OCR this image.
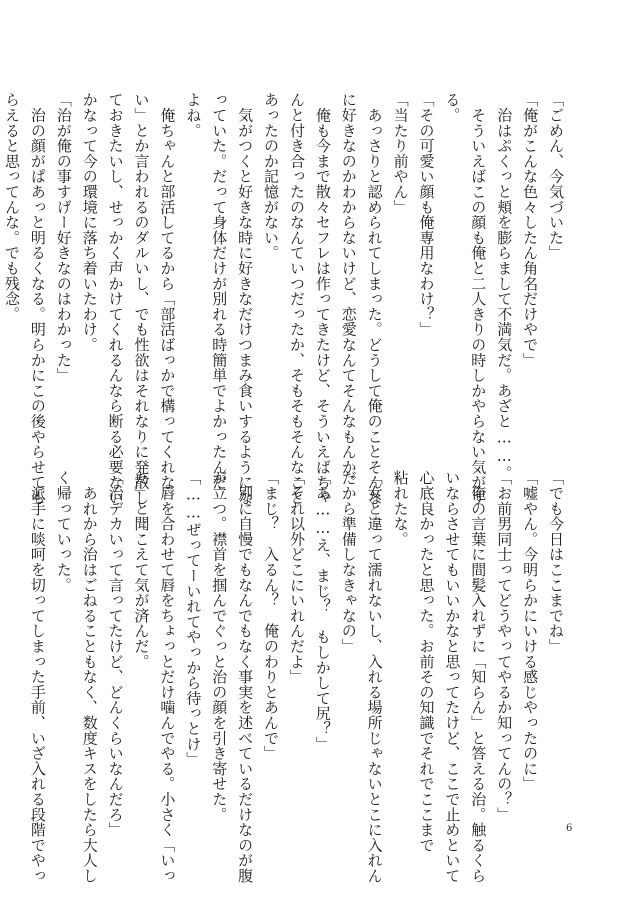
「ごめん、今気づいた」

「俺がこんな色々したん角名だけやで」

　治はぷくっと頬を膨らまして不満気だ。あざと……。

　そういえばこの顔も俺と二人きりの時しかやらない気がす

る。

「その可愛い顔も俺専用なわけ？」

「当たり前やん」

　あっさりと認められてしまった。どうして俺のことそんな

に好きなのかわからないけど、恋愛なんてそんなもんか。

　俺も今まで散々セフレは作ってきたけど、そういえばちゃ

んと付き合ったのなんていつだったか、そもそもそんなこと

あったのか記憶がない。

　気がつくと好きな時に好きなだけつまみ食いするようにな

っていた。だって身体だけが別れる時簡単でよかったんだ

よね。

　俺ちゃんと部活してるから「部活ばっかで構ってくれな

い」とか言われるのダルいし、でも性欲はそれなりに発散し

ておきたいし、せっかく声かけてくれるんなら断る必要ない

かなって今の環境に落ち着いたわけ。

「治が俺の事すげー好きなのはわかった」

　治の顔がぱあっと明るくなる。明らかにこの後やらせても

らえると思ってんな。でも残念。

「でも今日はここまでね」

「嘘やん。今明らかにいける感じやったのに」

「お前男同士ってどうやってやるか知ってんの？」

　俺の言葉に間髪入れずに「知らん」と答える治。触るくら

いならさせてもいいかなと思ってたけど、ここで止めといて

心底良かったと思った。お前その知識でそれでここまで

粘れたな。

「女と違って濡れないし、入れる場所じゃないとこに入れん

だから準備しなきゃなの」

「あ……え、まじ？　もしかして尻？」

「それ以外どこにいれんだよ」

「まじ？　入るん？　俺のわりとあんで」

　別に自慢でもなんでもなく事実を述べているだけなのが腹

が立つ。襟首を掴んでぐっと治の顔を引き寄せた。

「……ぜってーいれてやっから待っとけ」

　唇を合わせて唇をちょっとだけ噛んでやる。小さく「いっ

た」と聞こえて気が済んだ。

「治デカいって言ってたけど、どんくらいなんだろ」

　あれから治はごねることもなく、数度キスをしたら大人し

く帰っていった。

　派手に啖呵を切ってしまった手前、いざ入れる段階でやっ	6
